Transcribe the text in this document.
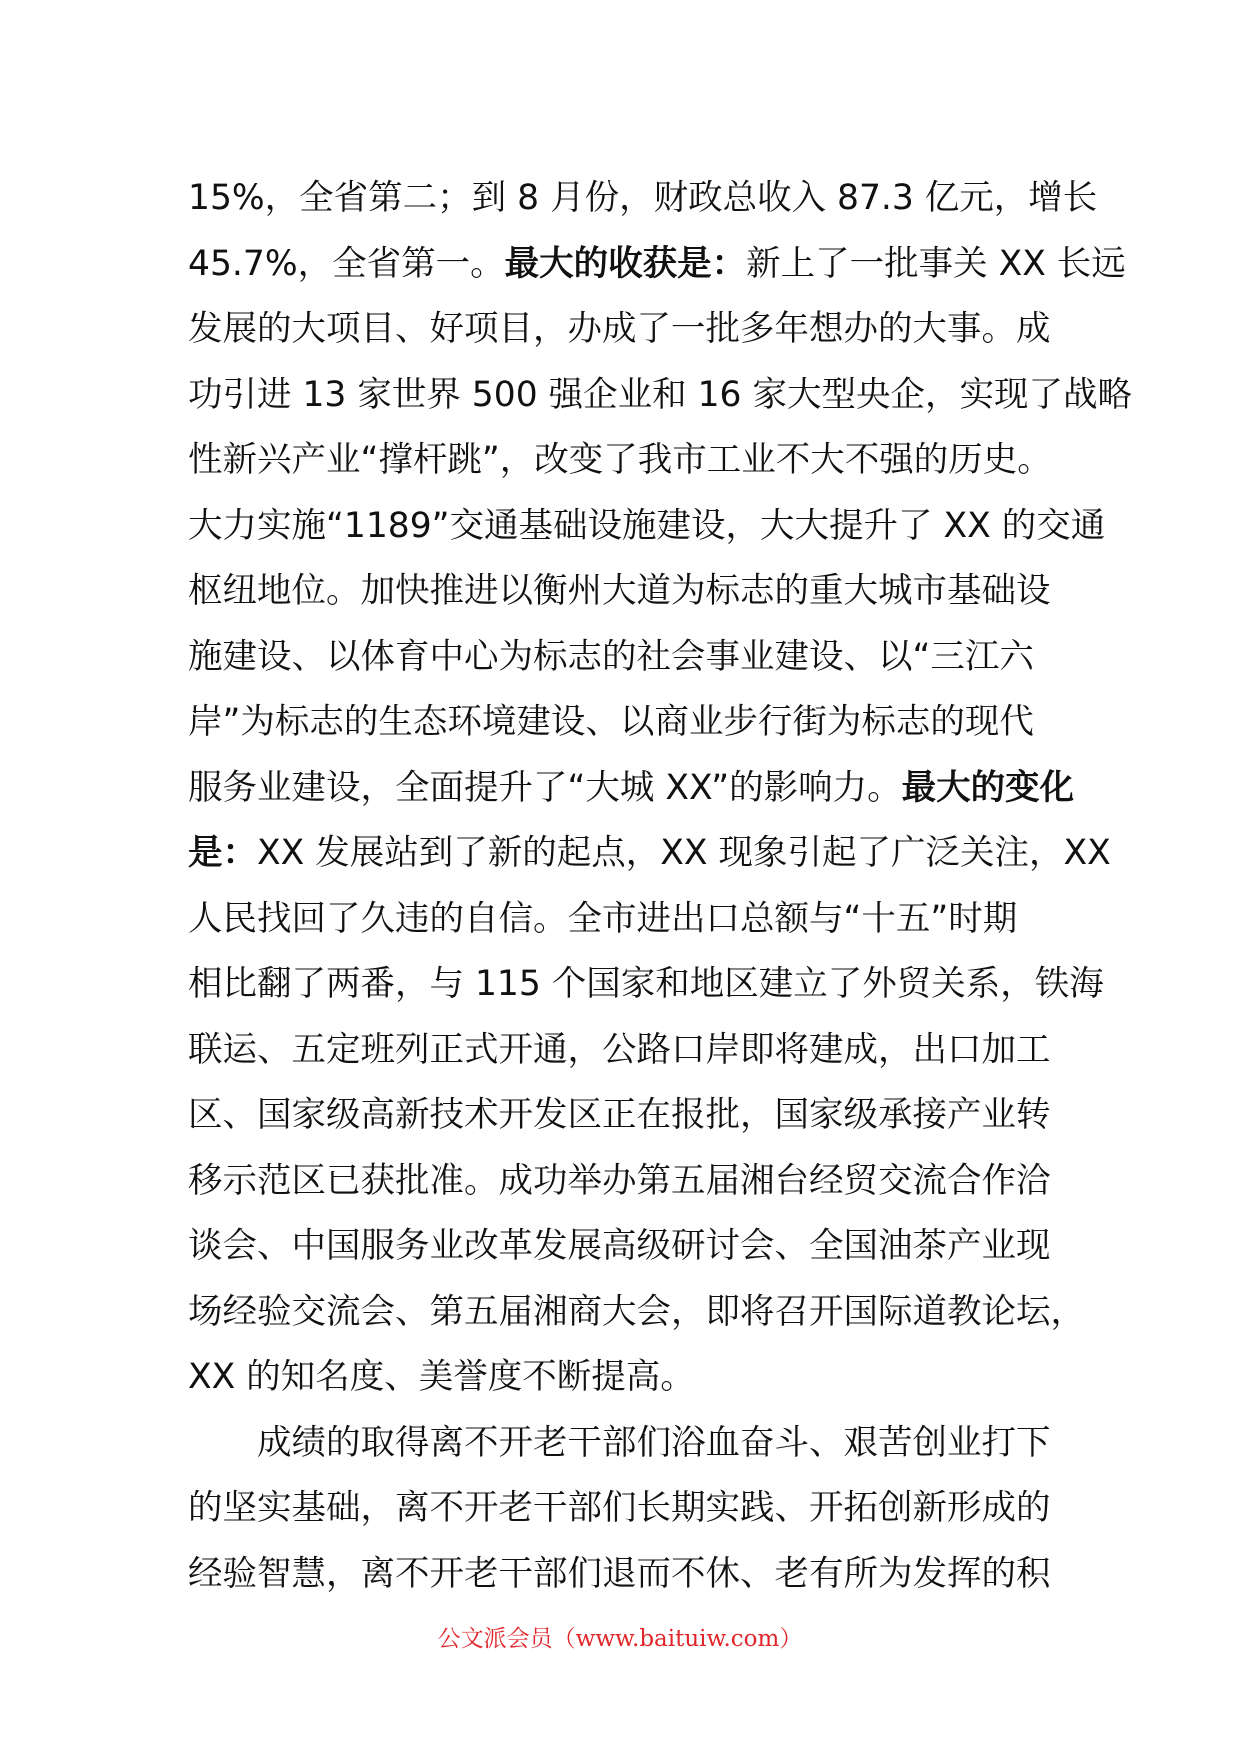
15%，全省第二；到 8 月份，财政总收入 87.3 亿元，增长
45.7%，全省第一。最大的收获是：新上了一批事关 XX 长远
发展的大项目、好项目，办成了一批多年想办的大事。成
功引进 13 家世界 500 强企业和 16 家大型央企，实现了战略
性新兴产业“撑杆跳”，改变了我市工业不大不强的历史。
大力实施“1189”交通基础设施建设，大大提升了 XX 的交通
枢纽地位。加快推进以衡州大道为标志的重大城市基础设
施建设、以体育中心为标志的社会事业建设、以“三江六
岸”为标志的生态环境建设、以商业步行街为标志的现代
服务业建设，全面提升了“大城 XX”的影响力。最大的变化
是：XX 发展站到了新的起点，XX 现象引起了广泛关注，XX
人民找回了久违的自信。全市进出口总额与“十五”时期
相比翻了两番，与 115 个国家和地区建立了外贸关系，铁海
联运、五定班列正式开通，公路口岸即将建成，出口加工
区、国家级高新技术开发区正在报批，国家级承接产业转
移示范区已获批准。成功举办第五届湘台经贸交流合作洽
谈会、中国服务业改革发展高级研讨会、全国油茶产业现
场经验交流会、第五届湘商大会，即将召开国际道教论坛，
XX 的知名度、美誉度不断提高。
成绩的取得离不开老干部们浴血奋斗、艰苦创业打下
的坚实基础，离不开老干部们长期实践、开拓创新形成的
经验智慧，离不开老干部们退而不休、老有所为发挥的积
公文派会员（www.baituiw.com）
